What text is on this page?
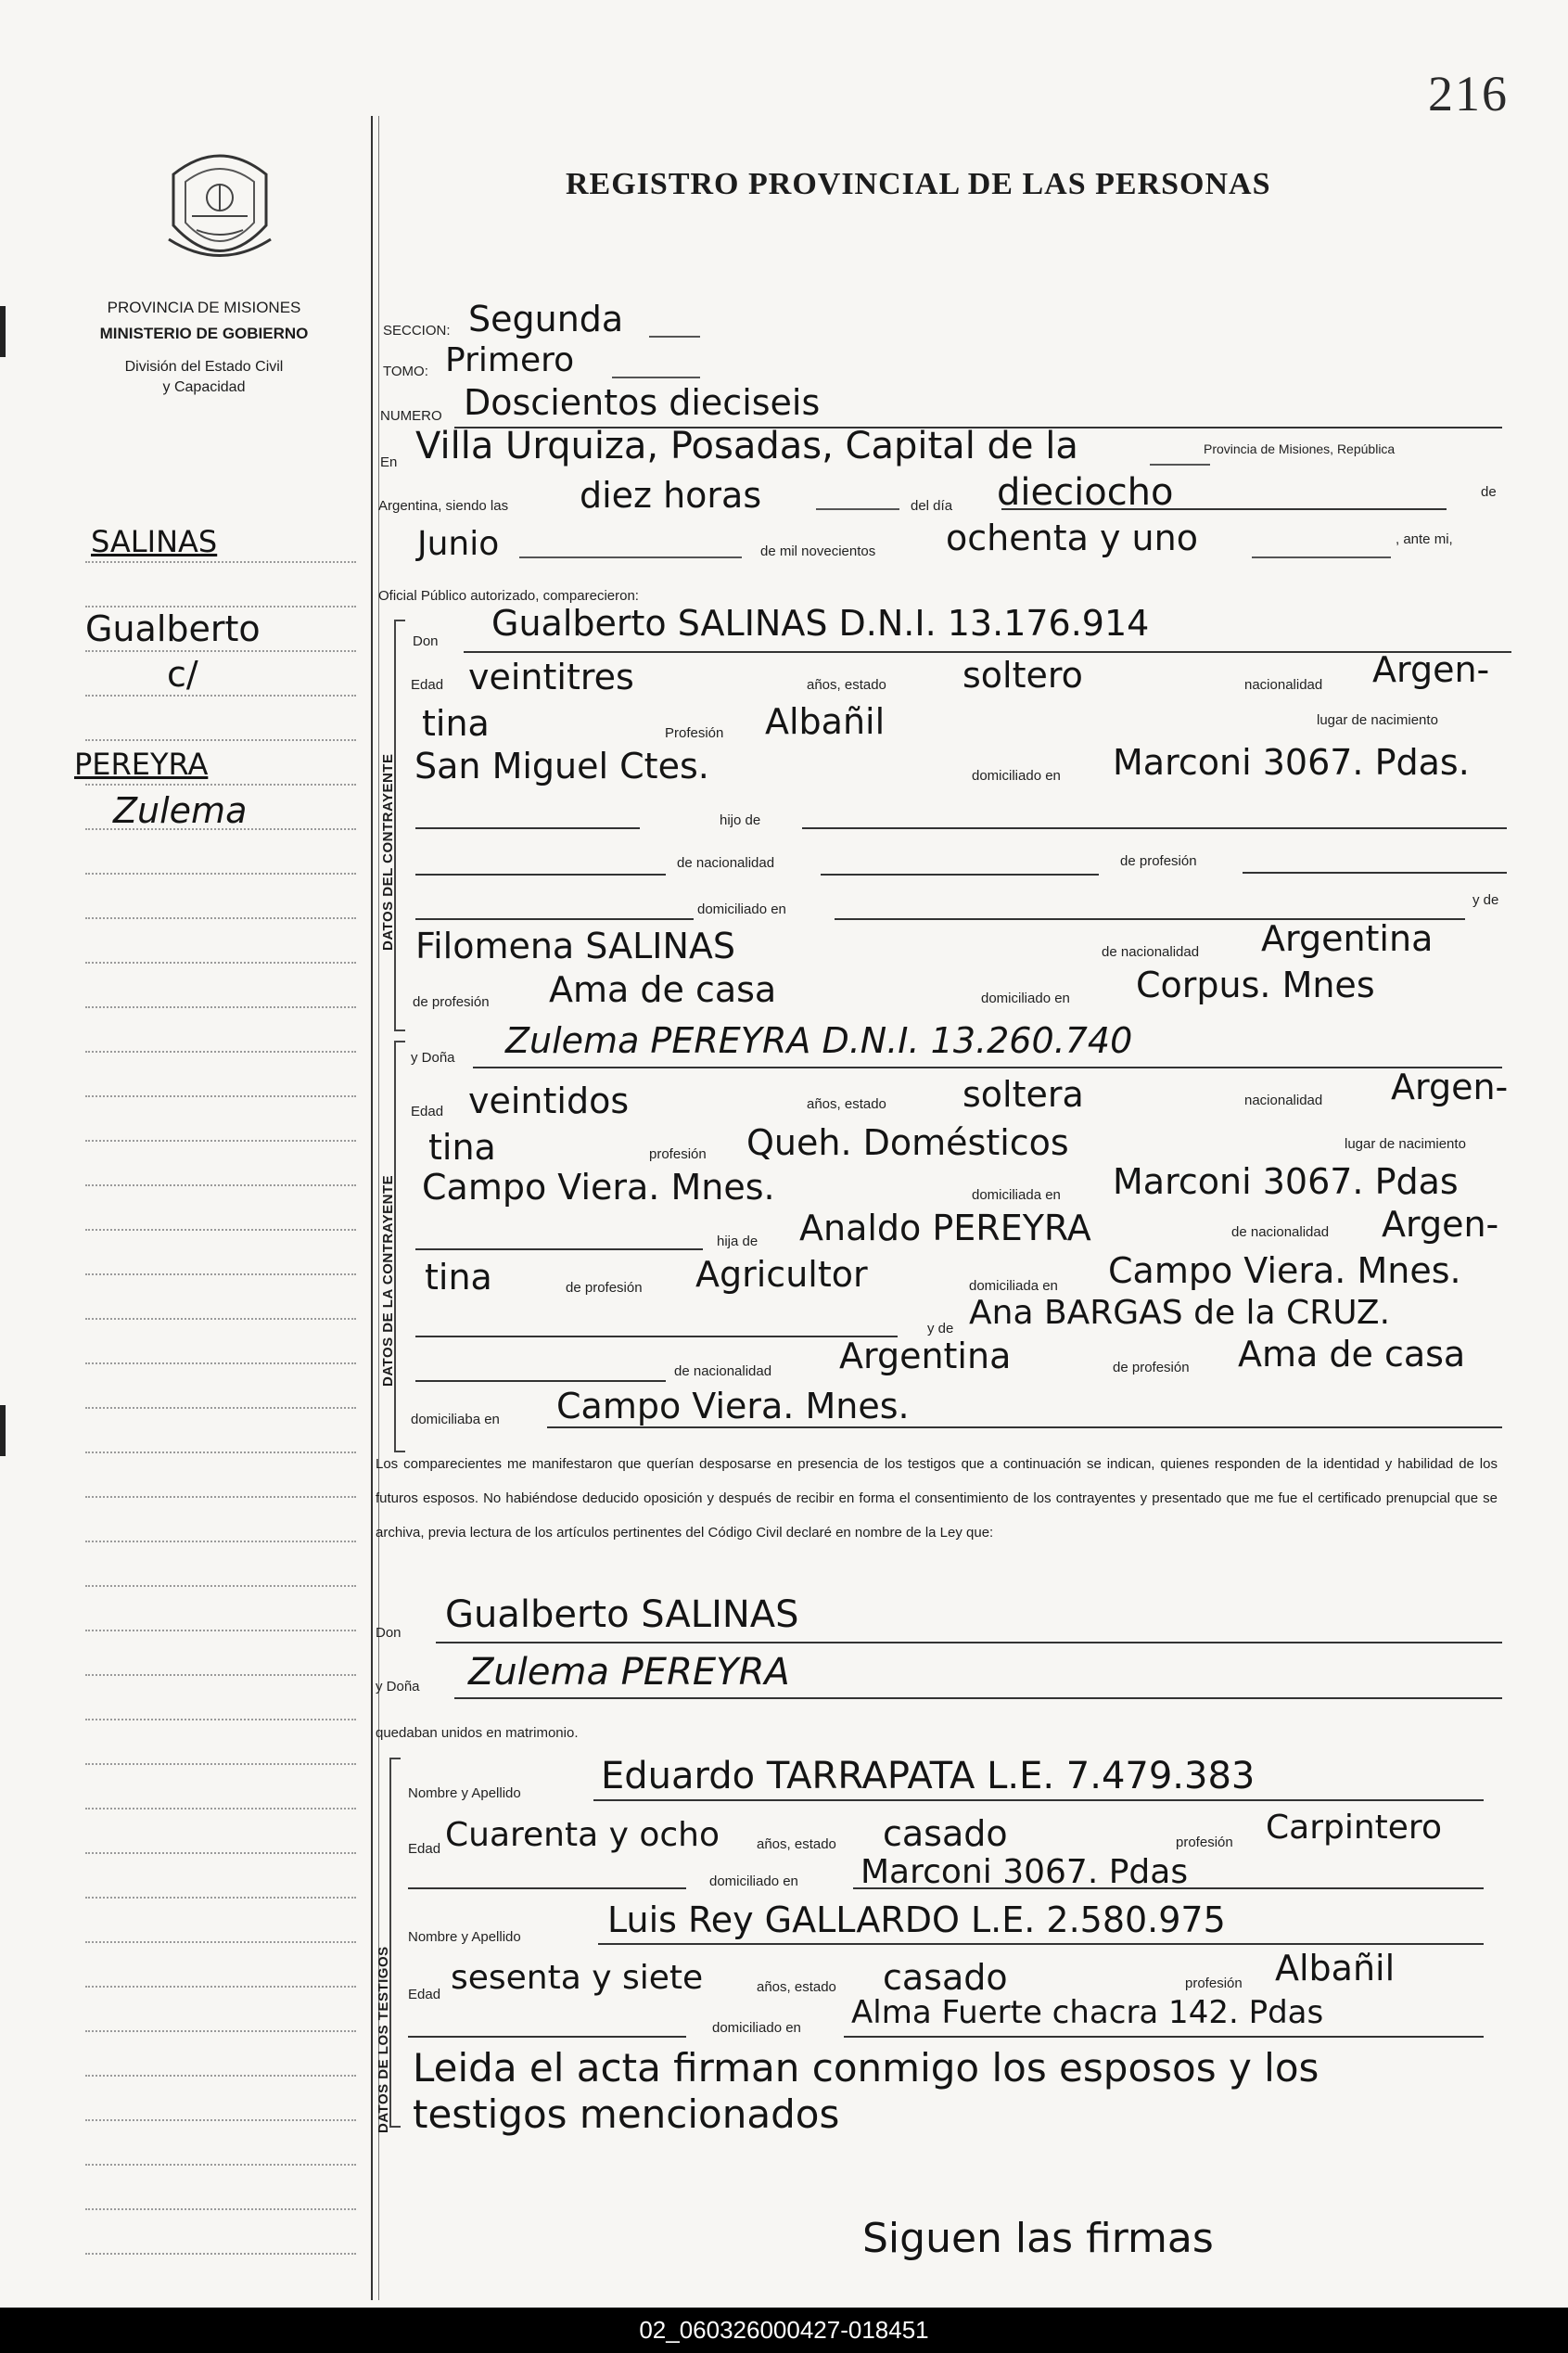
216
PROVINCIA DE MISIONES
MINISTERIO DE GOBIERNO
División del Estado Civil
y Capacidad
REGISTRO PROVINCIAL DE LAS PERSONAS
SALINAS
Gualberto
c/
PEREYRA
Zulema
SECCION: Segunda
TOMO: Primero
NUMERO Doscientos dieciseis
En Villa Urquiza, Posadas, Capital de la	Provincia de Misiones, República
Argentina, siendo las diez horas	del día dieciocho	de
Junio	de mil novecientos ochenta y uno	, ante mi,
Oficial Público autorizado, comparecieron:
DATOS DEL CONTRAYENTE
Don Gualberto SALINAS D.N.I. 13.176.914
Edad veintitres	años, estado soltero	nacionalidad Argen-
tina	Profesión Albañil	lugar de nacimiento
San Miguel Ctes.	domiciliado en Marconi 3067. Pdas.
hijo de
de nacionalidad	de profesión
domiciliado en
y de
Filomena SALINAS	de nacionalidad Argentina
de profesión Ama de casa	domiciliado en Corpus. Mnes
DATOS DE LA CONTRAYENTE
y Doña Zulema PEREYRA D.N.I. 13.260.740
Edad veintidos	años, estado soltera	nacionalidad Argen-
tina	profesión Queh. Domésticos	lugar de nacimiento
Campo Viera. Mnes.	domiciliada en Marconi 3067. Pdas
hija de Analdo PEREYRA	de nacionalidad Argen-
tina	de profesión Agricultor	domiciliada en Campo Viera. Mnes.
y de Ana BARGAS de la CRUZ.
de nacionalidad Argentina	de profesión Ama de casa
domiciliaba en Campo Viera. Mnes.
Los comparecientes me manifestaron que querían desposarse en presencia de los testigos que a continuación se indican, quienes responden de la identidad y habilidad de los futuros esposos. No habiéndose deducido oposición y después de recibir en forma el consentimiento de los contrayentes y presentado que me fue el certificado prenupcial que se archiva, previa lectura de los artículos pertinentes del Código Civil declaré en nombre de la Ley que:
Don Gualberto SALINAS
y Doña Zulema PEREYRA
quedaban unidos en matrimonio.
DATOS DE LOS TESTIGOS
Nombre y Apellido Eduardo TARRAPATA L.E. 7.479.383
Edad Cuarenta y ocho	años, estado casado	profesión Carpintero
domiciliado en Marconi 3067. Pdas
Nombre y Apellido Luis Rey GALLARDO L.E. 2.580.975
Edad sesenta y siete	años, estado casado	profesión Albañil
domiciliado en Alma Fuerte chacra 142. Pdas
Leida el acta firman conmigo los esposos y los
testigos mencionados
Siguen las firmas
02_060326000427-018451
